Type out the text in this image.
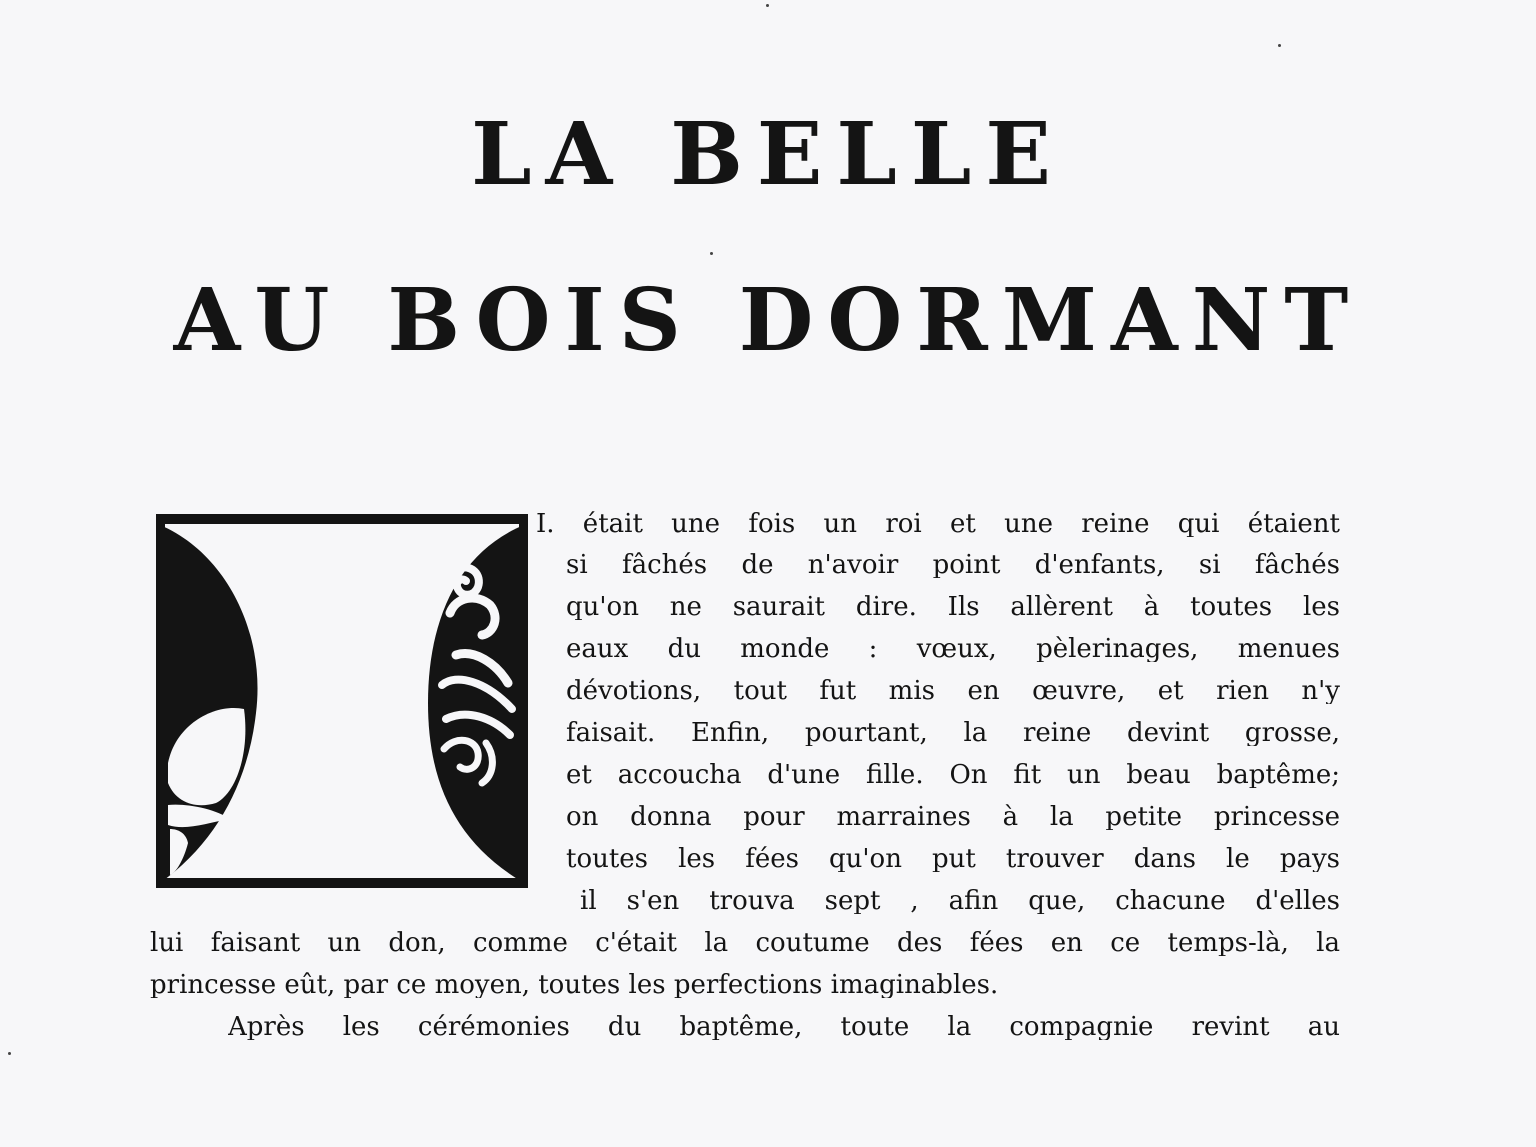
LA BELLE
AU BOIS DORMANT
I. était une fois un roi et une reine qui étaient
si fâchés de n'avoir point d'enfants, si fâchés
qu'on ne saurait dire. Ils allèrent à toutes les
eaux du monde : vœux, pèlerinages, menues
dévotions, tout fut mis en œuvre, et rien n'y
faisait. Enfin, pourtant, la reine devint grosse,
et accoucha d'une fille. On fit un beau baptême;
on donna pour marraines à la petite princesse
toutes les fées qu'on put trouver dans le pays
il s'en trouva sept , afin que, chacune d'elles
lui faisant un don, comme c'était la coutume des fées en ce temps-là, la
princesse eût, par ce moyen, toutes les perfections imaginables.
Après les cérémonies du baptême, toute la compagnie revint au
